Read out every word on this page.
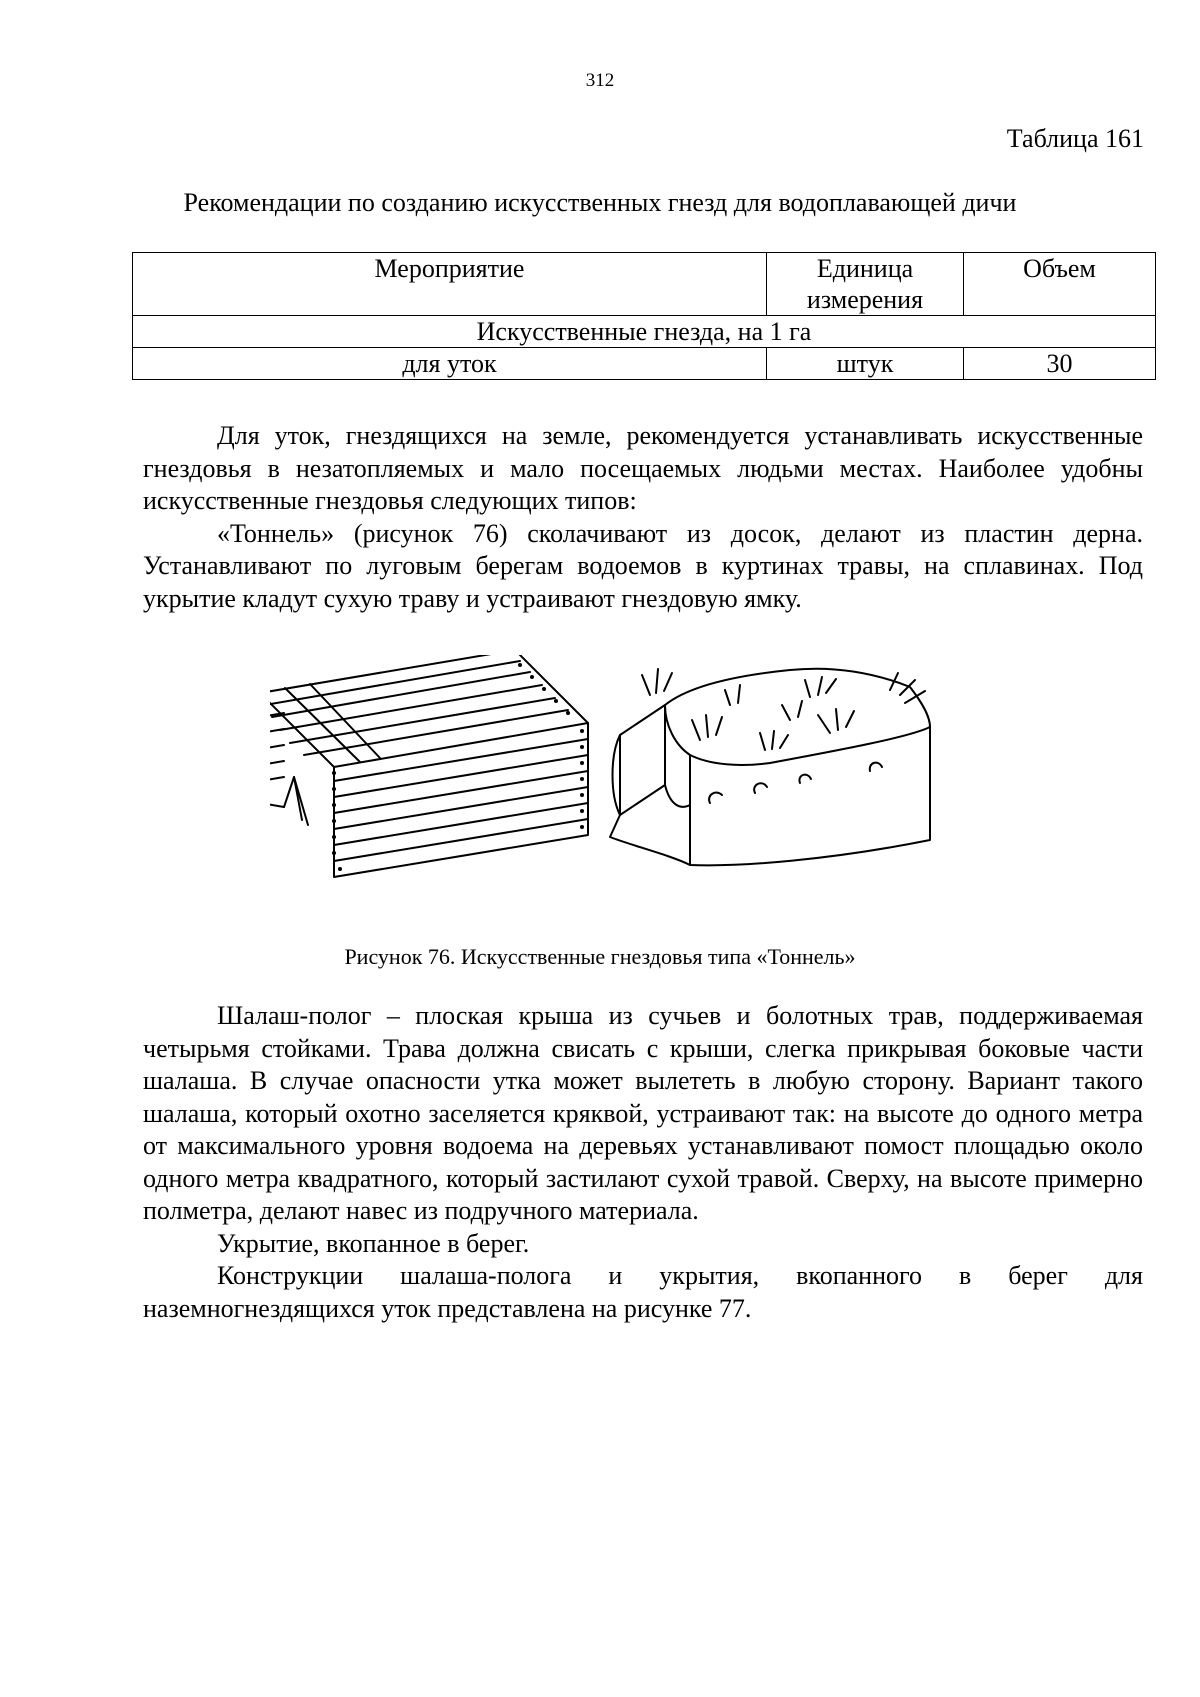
312
Таблица 161
Рекомендации по созданию искусственных гнезд для водоплавающей дичи
Мероприятие	Единица измерения	Объем
Искусственные гнезда, на 1 га		
для уток	штук	30

Для уток, гнездящихся на земле, рекомендуется устанавливать искусственные гнездовья в незатопляемых и мало посещаемых людьми местах. Наиболее удобны искусственные гнездовья следующих типов:

«Тоннель» (рисунок 76) сколачивают из досок, делают из пластин дерна. Устанавливают по луговым берегам водоемов в куртинах травы, на сплавинах. Под укрытие кладут сухую траву и устраивают гнездовую ямку.

Рисунок 76. Искусственные гнездовья типа «Тоннель»

Шалаш-полог – плоская крыша из сучьев и болотных трав, поддерживаемая четырьмя стойками. Трава должна свисать с крыши, слегка прикрывая боковые части шалаша. В случае опасности утка может вылететь в любую сторону. Вариант такого шалаша, который охотно заселяется кряквой, устраивают так: на высоте до одного метра от максимального уровня водоема на деревьях устанавливают помост площадью около одного метра квадратного, который застилают сухой травой. Сверху, на высоте примерно полметра, делают навес из подручного материала.

Укрытие, вкопанное в берег.

Конструкции шалаша-полога и укрытия, вкопанного в берег для наземногнездящихся уток представлена на рисунке 77.
